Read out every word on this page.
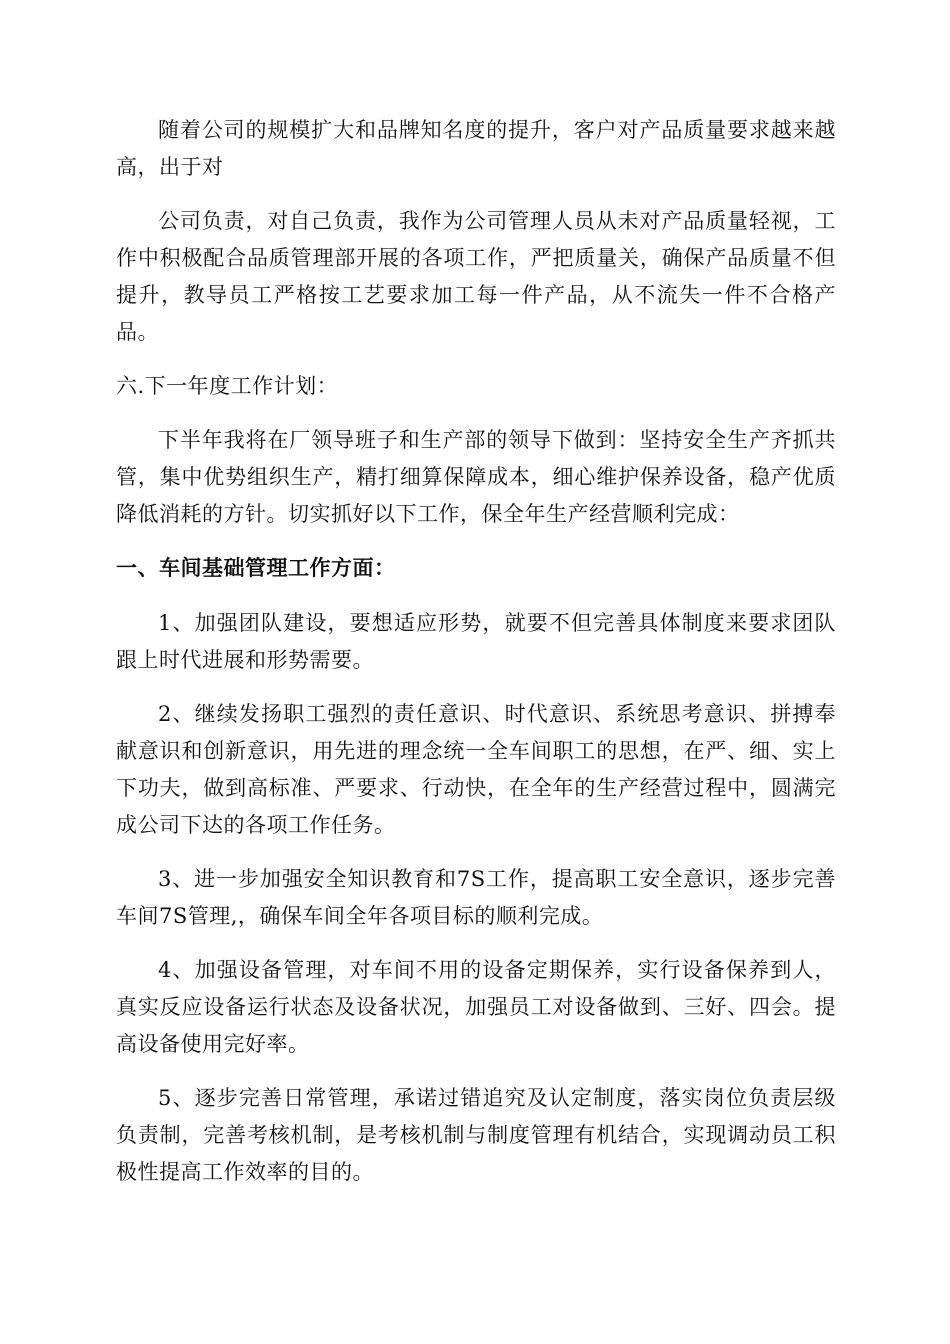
随着公司的规模扩大和品牌知名度的提升，客户对产品质量要求越来越高，出于对

公司负责，对自己负责，我作为公司管理人员从未对产品质量轻视，工作中积极配合品质管理部开展的各项工作，严把质量关，确保产品质量不但提升，教导员工严格按工艺要求加工每一件产品，从不流失一件不合格产品。

六.下一年度工作计划：

下半年我将在厂领导班子和生产部的领导下做到：坚持安全生产齐抓共管，集中优势组织生产，精打细算保障成本，细心维护保养设备，稳产优质降低消耗的方针。切实抓好以下工作，保全年生产经营顺利完成：

一、车间基础管理工作方面：

1、加强团队建设，要想适应形势，就要不但完善具体制度来要求团队跟上时代进展和形势需要。

2、继续发扬职工强烈的责任意识、时代意识、系统思考意识、拼搏奉献意识和创新意识，用先进的理念统一全车间职工的思想，在严、细、实上下功夫，做到高标准、严要求、行动快，在全年的生产经营过程中，圆满完成公司下达的各项工作任务。

3、进一步加强安全知识教育和7S工作，提高职工安全意识，逐步完善车间7S管理,，确保车间全年各项目标的顺利完成。

4、加强设备管理，对车间不用的设备定期保养，实行设备保养到人，真实反应设备运行状态及设备状况，加强员工对设备做到、三好、四会。提高设备使用完好率。

5、逐步完善日常管理，承诺过错追究及认定制度，落实岗位负责层级负责制，完善考核机制，是考核机制与制度管理有机结合，实现调动员工积极性提高工作效率的目的。
